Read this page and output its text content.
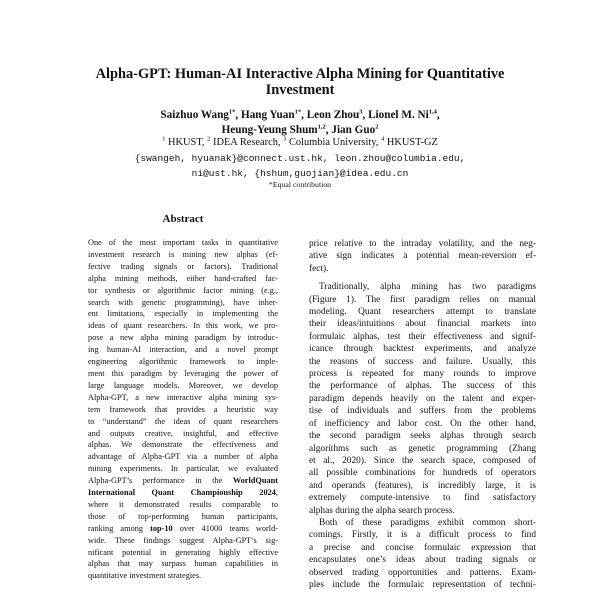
Alpha-GPT: Human-AI Interactive Alpha Mining for Quantitative
Investment
Saizhuo Wang$^{1*}$, Hang Yuan$^{1*}$, Leon Zhou$^3$, Lionel M. Ni$^{1,4}$,
Heung-Yeung Shum$^{1,2}$, Jian Guo$^2$
$^1$ HKUST, $^2$ IDEA Research, $^3$ Columbia University, $^4$ HKUST-GZ
{swangeh, hyuanak}@connect.ust.hk, leon.zhou@columbia.edu,
ni@ust.hk, {hshum,guojian}@idea.edu.cn
*Equal contribution
Abstract
One of the most important tasks in quantitative
investment research is mining new alphas (ef-
fective trading signals or factors). Traditional
alpha mining methods, either hand-crafted fac-
tor synthesis or algorithmic factor mining (e.g.,
search with genetic programming), have inher-
ent limitations, especially in implementing the
ideas of quant researchers. In this work, we pro-
pose a new alpha mining paradigm by introduc-
ing human-AI interaction, and a novel prompt
engineering algorithmic framework to imple-
ment this paradigm by leveraging the power of
large language models. Moreover, we develop
Alpha-GPT, a new interactive alpha mining sys-
tem framework that provides a heuristic way
to “understand” the ideas of quant researchers
and outputs creative, insightful, and effective
alphas. We demonstrate the effectiveness and
advantage of Alpha-GPT via a number of alpha
mining experiments. In particular, we evaluated
Alpha-GPT’s performance in the WorldQuant
International Quant Championship 2024,
where it demonstrated results comparable to
those of top-performing human participants,
ranking among top-10 over 41000 teams world-
wide. These findings suggest Alpha-GPT’s sig-
nificant potential in generating highly effective
alphas that may surpass human capabilities in
quantitative investment strategies.
price relative to the intraday volatility, and the neg-
ative sign indicates a potential mean-reversion ef-
fect).
Traditionally, alpha mining has two paradigms
(Figure 1). The first paradigm relies on manual
modeling. Quant researchers attempt to translate
their ideas/intuitions about financial markets into
formulaic alphas, test their effectiveness and signif-
icance through backtest experiments, and analyze
the reasons of success and failure. Usually, this
process is repeated for many rounds to improve
the performance of alphas. The success of this
paradigm depends heavily on the talent and exper-
tise of individuals and suffers from the problems
of inefficiency and labor cost. On the other hand,
the second paradigm seeks alphas through search
algorithms such as genetic programming (Zhang
et al., 2020). Since the search space, composed of
all possible combinations for hundreds of operators
and operands (features), is incredibly large, it is
extremely compute-intensive to find satisfactory
alphas during the alpha search process.
Both of these paradigms exhibit common short-
comings. Firstly, it is a difficult process to find
a precise and concise formulaic expression that
encapsulates one’s ideas about trading signals or
observed trading opportunities and patterns. Exam-
ples include the formulaic representation of techni-
